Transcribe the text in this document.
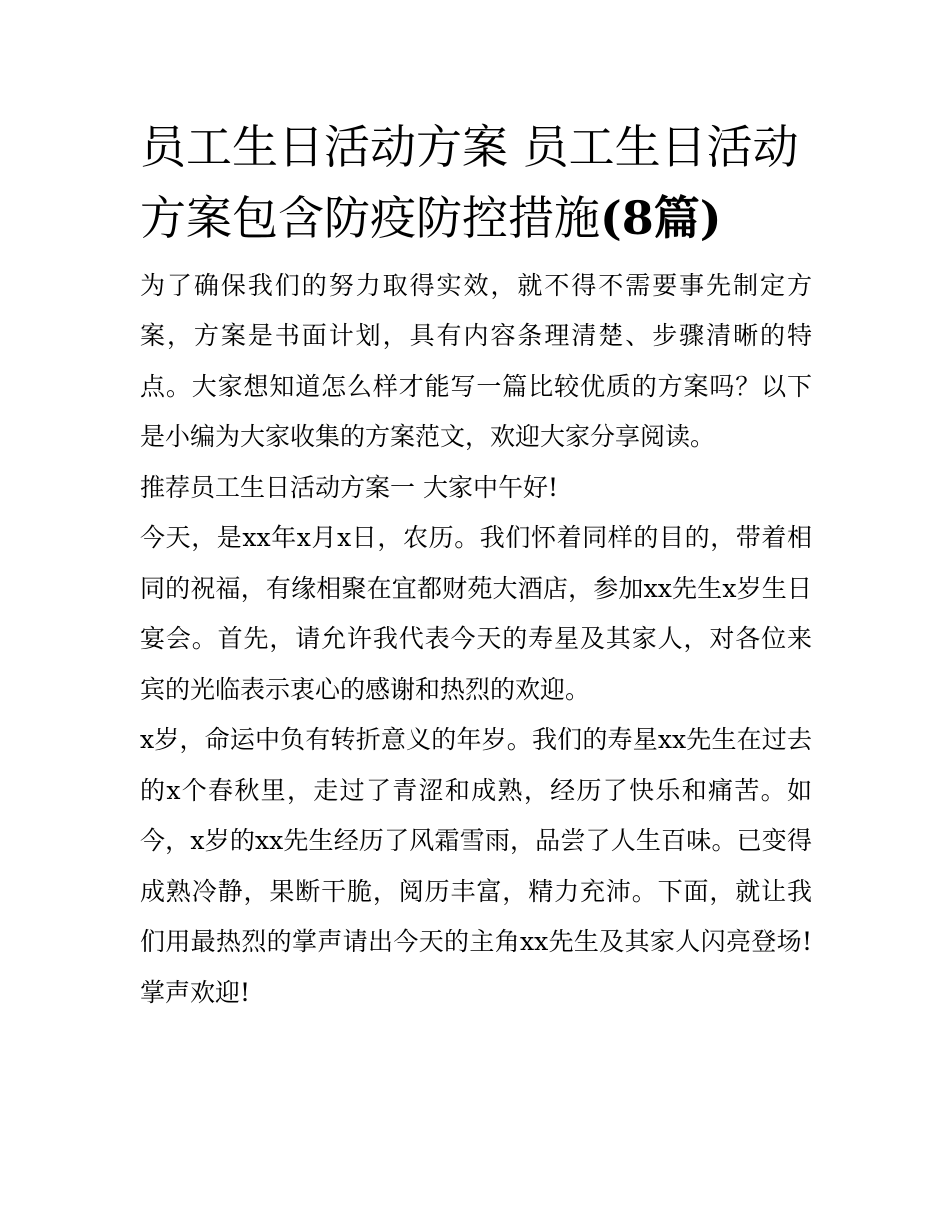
员工生日活动方案 员工生日活动方案包含防疫防控措施(8篇)

为了确保我们的努力取得实效，就不得不需要事先制定方案，方案是书面计划，具有内容条理清楚、步骤清晰的特点。大家想知道怎么样才能写一篇比较优质的方案吗？以下是小编为大家收集的方案范文，欢迎大家分享阅读。

推荐员工生日活动方案一 大家中午好!

今天，是xx年x月x日，农历。我们怀着同样的目的，带着相同的祝福，有缘相聚在宜都财苑大酒店，参加xx先生x岁生日宴会。首先，请允许我代表今天的寿星及其家人，对各位来宾的光临表示衷心的感谢和热烈的欢迎。

x岁，命运中负有转折意义的年岁。我们的寿星xx先生在过去的x个春秋里，走过了青涩和成熟，经历了快乐和痛苦。如今，x岁的xx先生经历了风霜雪雨，品尝了人生百味。已变得成熟冷静，果断干脆，阅历丰富，精力充沛。下面，就让我们用最热烈的掌声请出今天的主角xx先生及其家人闪亮登场!掌声欢迎!
